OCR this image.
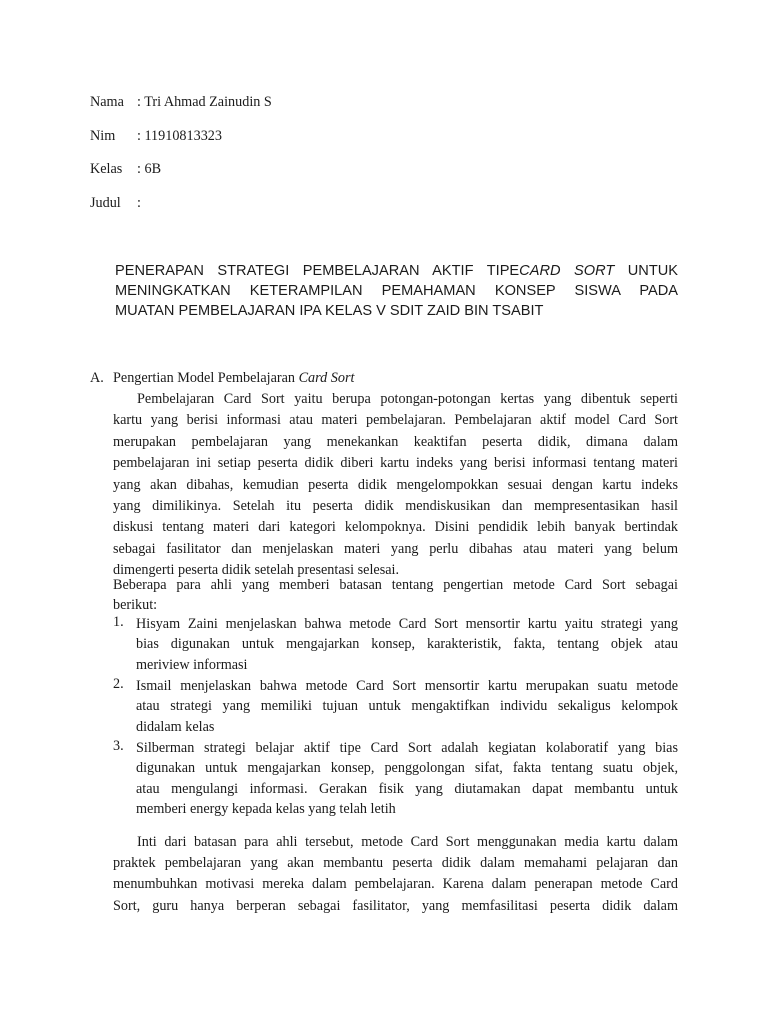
Nama : Tri Ahmad Zainudin S
Nim : 11910813323
Kelas : 6B
Judul :
PENERAPAN STRATEGI PEMBELAJARAN AKTIF TIPECARD SORT UNTUK
MENINGKATKAN KETERAMPILAN PEMAHAMAN KONSEP SISWA PADA
MUATAN PEMBELAJARAN IPA KELAS V SDIT ZAID BIN TSABIT
A. Pengertian Model Pembelajaran Card Sort
Pembelajaran Card Sort yaitu berupa potongan-potongan kertas yang dibentuk seperti
kartu yang berisi informasi atau materi pembelajaran. Pembelajaran aktif model Card Sort
merupakan pembelajaran yang menekankan keaktifan peserta didik, dimana dalam
pembelajaran ini setiap peserta didik diberi kartu indeks yang berisi informasi tentang materi
yang akan dibahas, kemudian peserta didik mengelompokkan sesuai dengan kartu indeks
yang dimilikinya. Setelah itu peserta didik mendiskusikan dan mempresentasikan hasil
diskusi tentang materi dari kategori kelompoknya. Disini pendidik lebih banyak bertindak
sebagai fasilitator dan menjelaskan materi yang perlu dibahas atau materi yang belum
dimengerti peserta didik setelah presentasi selesai.
Beberapa para ahli yang memberi batasan tentang pengertian metode Card Sort sebagai
berikut:
1. Hisyam Zaini menjelaskan bahwa metode Card Sort mensortir kartu yaitu strategi yang
bias digunakan untuk mengajarkan konsep, karakteristik, fakta, tentang objek atau
meriview informasi
2. Ismail menjelaskan bahwa metode Card Sort mensortir kartu merupakan suatu metode
atau strategi yang memiliki tujuan untuk mengaktifkan individu sekaligus kelompok
didalam kelas
3. Silberman strategi belajar aktif tipe Card Sort adalah kegiatan kolaboratif yang bias
digunakan untuk mengajarkan konsep, penggolongan sifat, fakta tentang suatu objek,
atau mengulangi informasi. Gerakan fisik yang diutamakan dapat membantu untuk
memberi energy kepada kelas yang telah letih
Inti dari batasan para ahli tersebut, metode Card Sort menggunakan media kartu dalam
praktek pembelajaran yang akan membantu peserta didik dalam memahami pelajaran dan
menumbuhkan motivasi mereka dalam pembelajaran. Karena dalam penerapan metode Card
Sort, guru hanya berperan sebagai fasilitator, yang memfasilitasi peserta didik dalam
